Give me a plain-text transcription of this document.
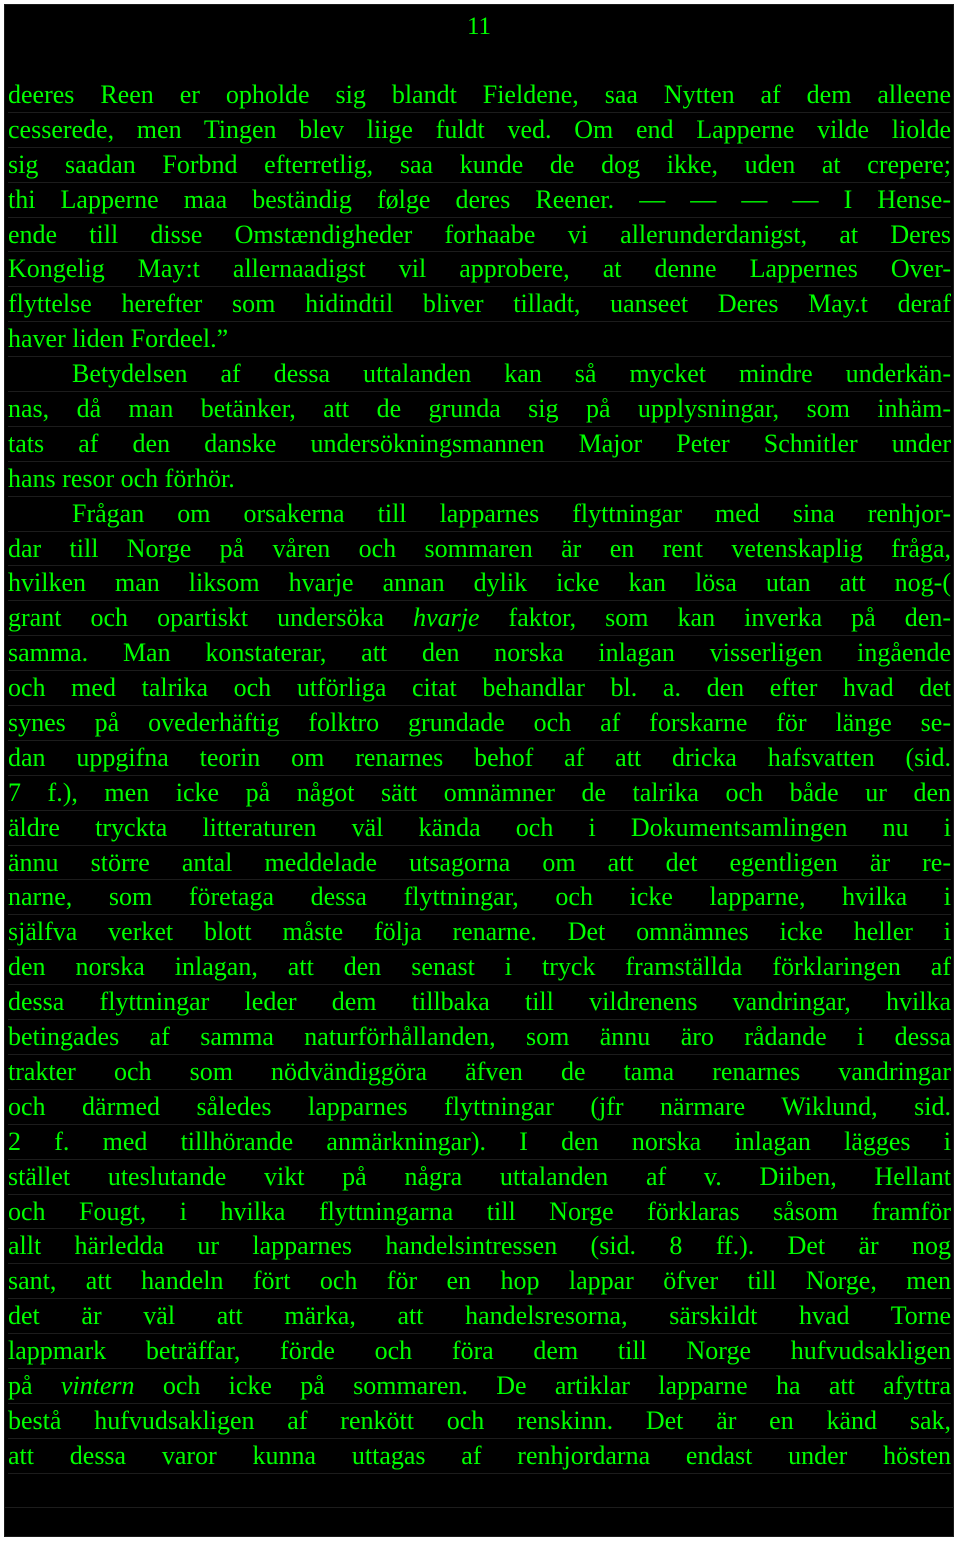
11
deeres Reen er opholde sig blandt Fieldene, saa Nytten af dem alleene
cesserede, men Tingen blev liige fuldt ved. Om end Lapperne vilde liolde
sig saadan Forbnd efterretlig, saa kunde de dog ikke, uden at crepere;
thi Lapperne maa beständig følge deres Reener. — — — — I Hense-
ende till disse Omstændigheder forhaabe vi allerunderdanigst, at Deres
Kongelig May:t allernaadigst vil approbere, at denne Lappernes Over-
flyttelse herefter som hidindtil bliver tilladt, uanseet Deres May.t deraf
haver liden Fordeel.”
Betydelsen af dessa uttalanden kan så mycket mindre underkän-
nas, då man betänker, att de grunda sig på upplysningar, som inhäm-
tats af den danske undersökningsmannen Major Peter Schnitler under
hans resor och förhör.
Frågan om orsakerna till lapparnes flyttningar med sina renhjor-
dar till Norge på våren och sommaren är en rent vetenskaplig fråga,
hvilken man liksom hvarje annan dylik icke kan lösa utan att nog-(
grant och opartiskt undersöka hvarje faktor, som kan inverka på den-
samma. Man konstaterar, att den norska inlagan visserligen ingående
och med talrika och utförliga citat behandlar bl. a. den efter hvad det
synes på ovederhäftig folktro grundade och af forskarne för länge se-
dan uppgifna teorin om renarnes behof af att dricka hafsvatten (sid.
7 f.), men icke på något sätt omnämner de talrika och både ur den
äldre tryckta litteraturen väl kända och i Dokumentsamlingen nu i
ännu större antal meddelade utsagorna om att det egentligen är re-
narne, som företaga dessa flyttningar, och icke lapparne, hvilka i
själfva verket blott måste följa renarne. Det omnämnes icke heller i
den norska inlagan, att den senast i tryck framställda förklaringen af
dessa flyttningar leder dem tillbaka till vildrenens vandringar, hvilka
betingades af samma naturförhållanden, som ännu äro rådande i dessa
trakter och som nödvändiggöra äfven de tama renarnes vandringar
och därmed således lapparnes flyttningar (jfr närmare Wiklund, sid.
2 f. med tillhörande anmärkningar). I den norska inlagan lägges i
stället uteslutande vikt på några uttalanden af v. Diiben, Hellant
och Fougt, i hvilka flyttningarna till Norge förklaras såsom framför
allt härledda ur lapparnes handelsintressen (sid. 8 ff.). Det är nog
sant, att handeln fört och för en hop lappar öfver till Norge, men
det är väl att märka, att handelsresorna, särskildt hvad Torne
lappmark beträffar, förde och föra dem till Norge hufvudsakligen
på vintern och icke på sommaren. De artiklar lapparne ha att afyttra
bestå hufvudsakligen af renkött och renskinn. Det är en känd sak,
att dessa varor kunna uttagas af renhjordarna endast under hösten
